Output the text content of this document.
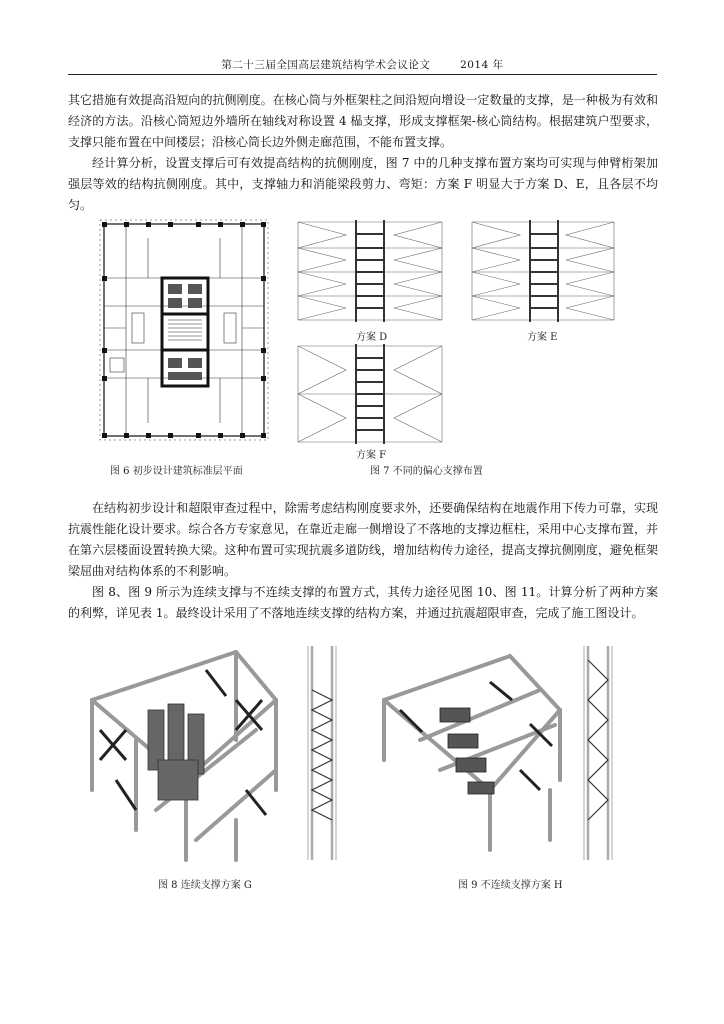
第二十三届全国高层建筑结构学术会议论文	2014 年

其它措施有效提高沿短向的抗侧刚度。在核心筒与外框架柱之间沿短向增设一定数量的支撑，是一种极为有效和经济的方法。沿核心筒短边外墙所在轴线对称设置 4 榀支撑，形成支撑框架-核心筒结构。根据建筑户型要求，支撑只能布置在中间楼层；沿核心筒长边外侧走廊范围，不能布置支撑。

经计算分析，设置支撑后可有效提高结构的抗侧刚度，图 7 中的几种支撑布置方案均可实现与伸臂桁架加强层等效的结构抗侧刚度。其中，支撑轴力和消能梁段剪力、弯矩：方案 F 明显大于方案 D、E，且各层不均匀。

图 6 初步设计建筑标准层平面
方案 D	方案 E
方案 F
图 7 不同的偏心支撑布置

在结构初步设计和超限审查过程中，除需考虑结构刚度要求外，还要确保结构在地震作用下传力可靠，实现抗震性能化设计要求。综合各方专家意见，在靠近走廊一侧增设了不落地的支撑边框柱，采用中心支撑布置，并在第六层楼面设置转换大梁。这种布置可实现抗震多道防线，增加结构传力途径，提高支撑抗侧刚度，避免框架梁屈曲对结构体系的不利影响。

图 8、图 9 所示为连续支撑与不连续支撑的布置方式，其传力途径见图 10、图 11。计算分析了两种方案的利弊，详见表 1。最终设计采用了不落地连续支撑的结构方案，并通过抗震超限审查，完成了施工图设计。

图 8 连续支撑方案 G	图 9 不连续支撑方案 H
